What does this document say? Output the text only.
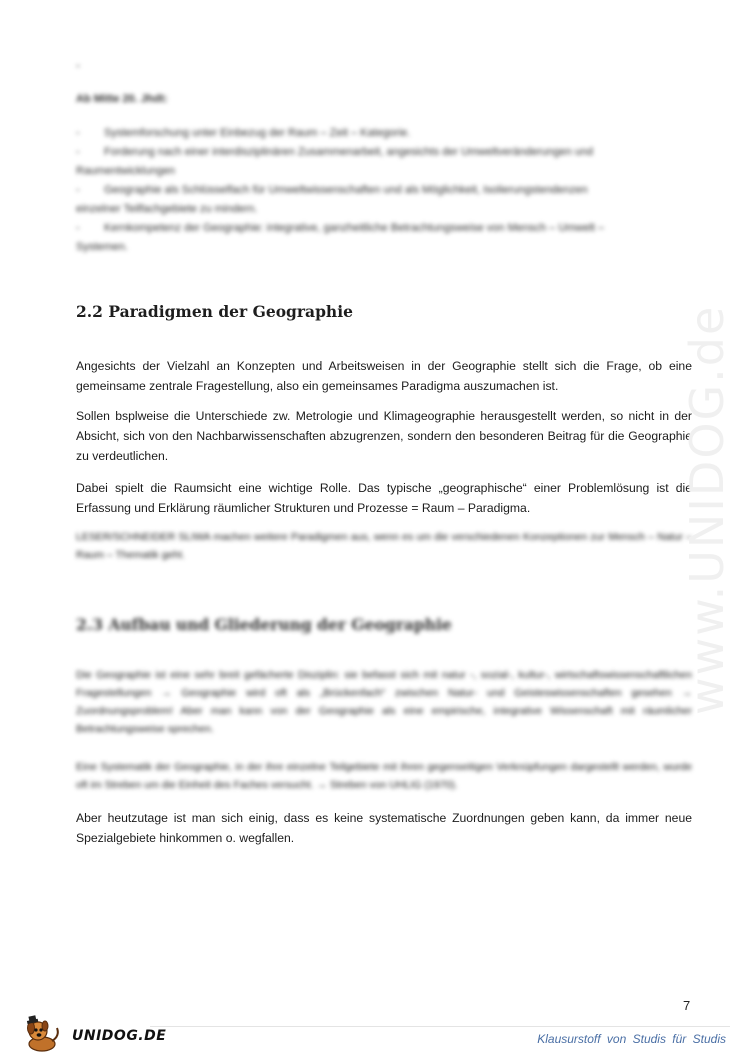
-
Ab Mitte 20. Jhdt:
-	Systemforschung unter Einbezug der Raum – Zeit – Kategorie.
-	Forderung nach einer interdisziplinären Zusammenarbeit, angesichts der Umweltveränderungen und
Raumentwicklungen
-	Geographie als Schlüsselfach für Umweltwissenschaften und als Möglichkeit, Isolierungstendenzen
einzelner Teilfachgebiete zu mindern.
-	Kernkompetenz der Geographie: integrative, ganzheitliche Betrachtungsweise von Mensch – Umwelt –
Systemen.
2.2 Paradigmen der Geographie

Angesichts der Vielzahl an Konzepten und Arbeitsweisen in der Geographie stellt sich die Frage, ob eine gemeinsame zentrale Fragestellung, also ein gemeinsames Paradigma auszumachen ist.

Sollen bsplweise die Unterschiede zw. Metrologie und Klimageographie herausgestellt werden, so nicht in der Absicht, sich von den Nachbarwissenschaften abzugrenzen, sondern den besonderen Beitrag für die Geographie zu verdeutlichen.

Dabei spielt die Raumsicht eine wichtige Rolle. Das typische „geographische“ einer Problemlösung ist die Erfassung und Erklärung räumlicher Strukturen und Prozesse = Raum – Paradigma.

LESER/SCHNEIDER SLIWA machen weitere Paradigmen aus, wenn es um die verschiedenen Konzeptionen zur Mensch – Natur – Raum – Thematik geht.

2.3 Aufbau und Gliederung der Geographie

Die Geographie ist eine sehr breit gefächerte Disziplin: sie befasst sich mit natur -, sozial-, kultur-, wirtschaftswissenschaftlichen Fragestellungen → Geographie wird oft als „Brückenfach“ zwischen Natur- und Geisteswissenschaften gesehen → Zuordnungsproblem! Aber man kann von der Geographie als eine empirische, integrative Wissenschaft mit räumlicher Betrachtungsweise sprechen.

Eine Systematik der Geographie, in der ihre einzelne Teilgebiete mit ihren gegenseitigen Verknüpfungen dargestellt werden, wurde oft im Streben um die Einheit des Faches versucht. → Streben von UHLIG (1970).

Aber heutzutage ist man sich einig, dass es keine systematische Zuordnungen geben kann, da immer neue Spezialgebiete hinkommen o. wegfallen.

www.UNIDOG.de
7
UNIDOG.DE	Klausurstoff von Studis für Studis
